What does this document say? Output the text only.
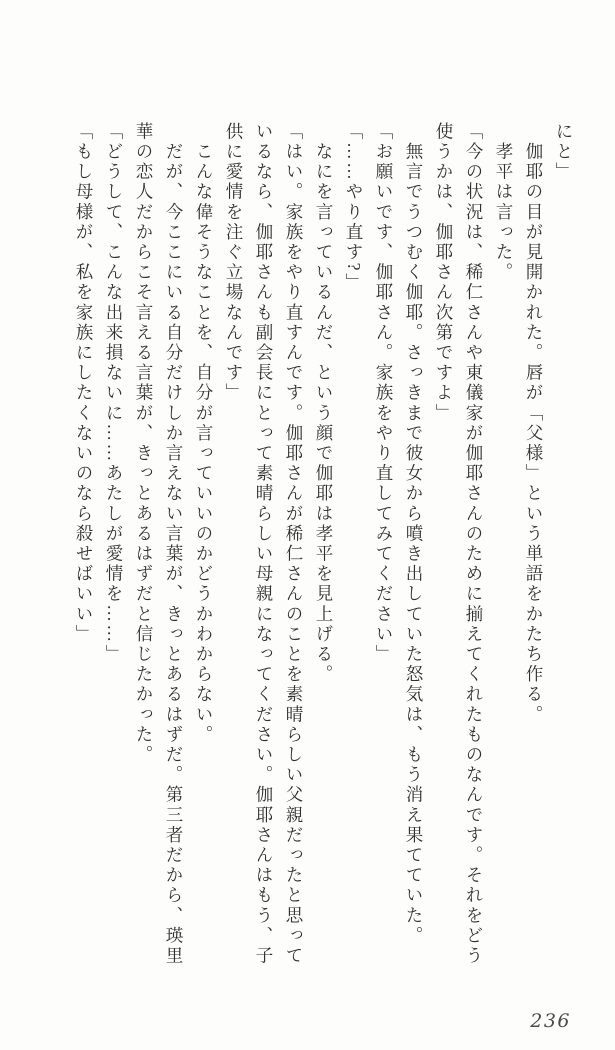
にと」
　伽耶の目が見開かれた。唇が「父様」という単語をかたち作る。
　孝平は言った。
「今の状況は、稀仁さんや東儀家が伽耶さんのために揃えてくれたものなんです。それをどう
使うかは、伽耶さん次第ですよ」
　無言でうつむく伽耶。さっきまで彼女から噴き出していた怒気は、もう消え果てていた。
「お願いです、伽耶さん。家族をやり直してみてください」
「……やり直す?」
　なにを言っているんだ、という顔で伽耶は孝平を見上げる。
「はい。家族をやり直すんです。伽耶さんが稀仁さんのことを素晴らしい父親だったと思って
いるなら、伽耶さんも副会長にとって素晴らしい母親になってください。伽耶さんはもう、子
供に愛情を注ぐ立場なんです」
　こんな偉そうなことを、自分が言っていいのかどうかわからない。
　だが、今ここにいる自分だけしか言えない言葉が、きっとあるはずだ。第三者だから、瑛里
華の恋人だからこそ言える言葉が、きっとあるはずだと信じたかった。
「どうして、こんな出来損ないに……あたしが愛情を……」
「もし母様が、私を家族にしたくないのなら殺せばいい」
236
